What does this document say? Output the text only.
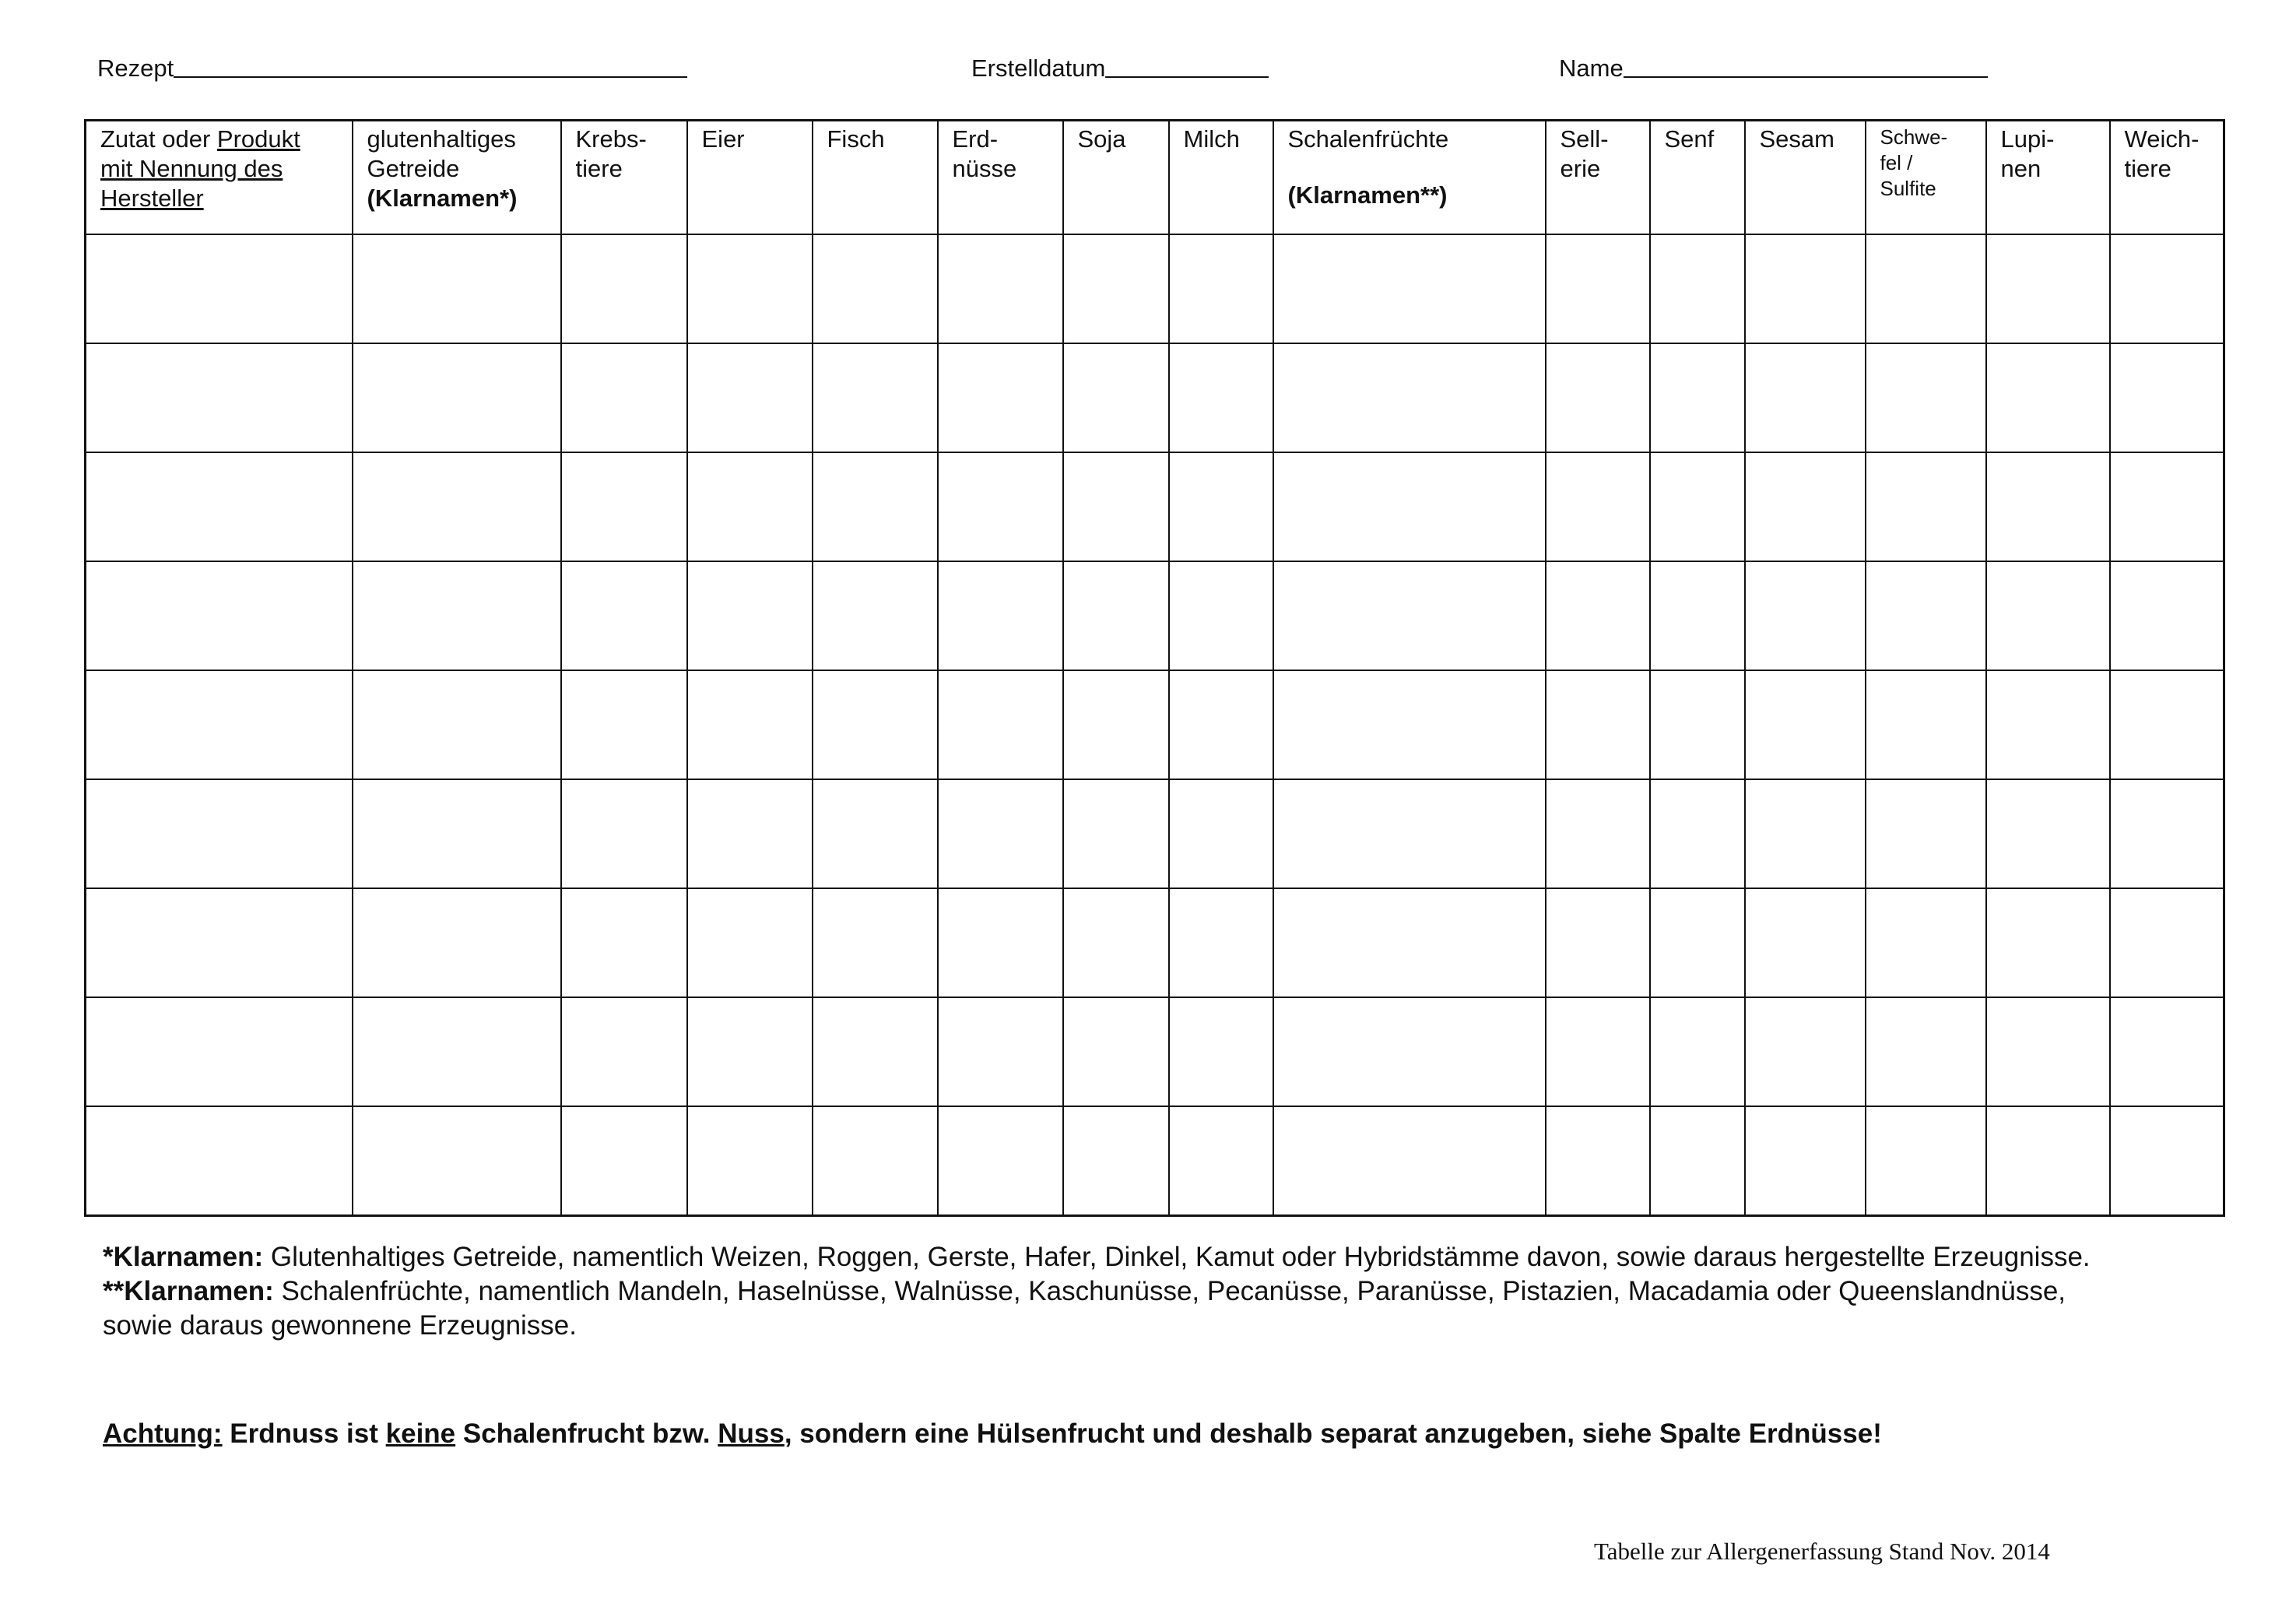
Rezept	Erstelldatum	Name
Zutat oder Produkt
mit Nennung des
Hersteller	glutenhaltiges
Getreide
(Klarnamen*)	Krebs-
tiere	Eier	Fisch	Erd-
nüsse	Soja	Milch	Schalenfrüchte
(Klarnamen**)	Sell-
erie	Senf	Sesam	Schwe-
fel /
Sulfite	Lupi-
nen	Weich-
tiere

*Klarnamen: Glutenhaltiges Getreide, namentlich Weizen, Roggen, Gerste, Hafer, Dinkel, Kamut oder Hybridstämme davon, sowie daraus hergestellte Erzeugnisse.

**Klarnamen: Schalenfrüchte, namentlich Mandeln, Haselnüsse, Walnüsse, Kaschunüsse, Pecanüsse, Paranüsse, Pistazien, Macadamia oder Queenslandnüsse, sowie daraus gewonnene Erzeugnisse.

Achtung: Erdnuss ist keine Schalenfrucht bzw. Nuss, sondern eine Hülsenfrucht und deshalb separat anzugeben, siehe Spalte Erdnüsse!
Tabelle zur Allergenerfassung Stand Nov. 2014
